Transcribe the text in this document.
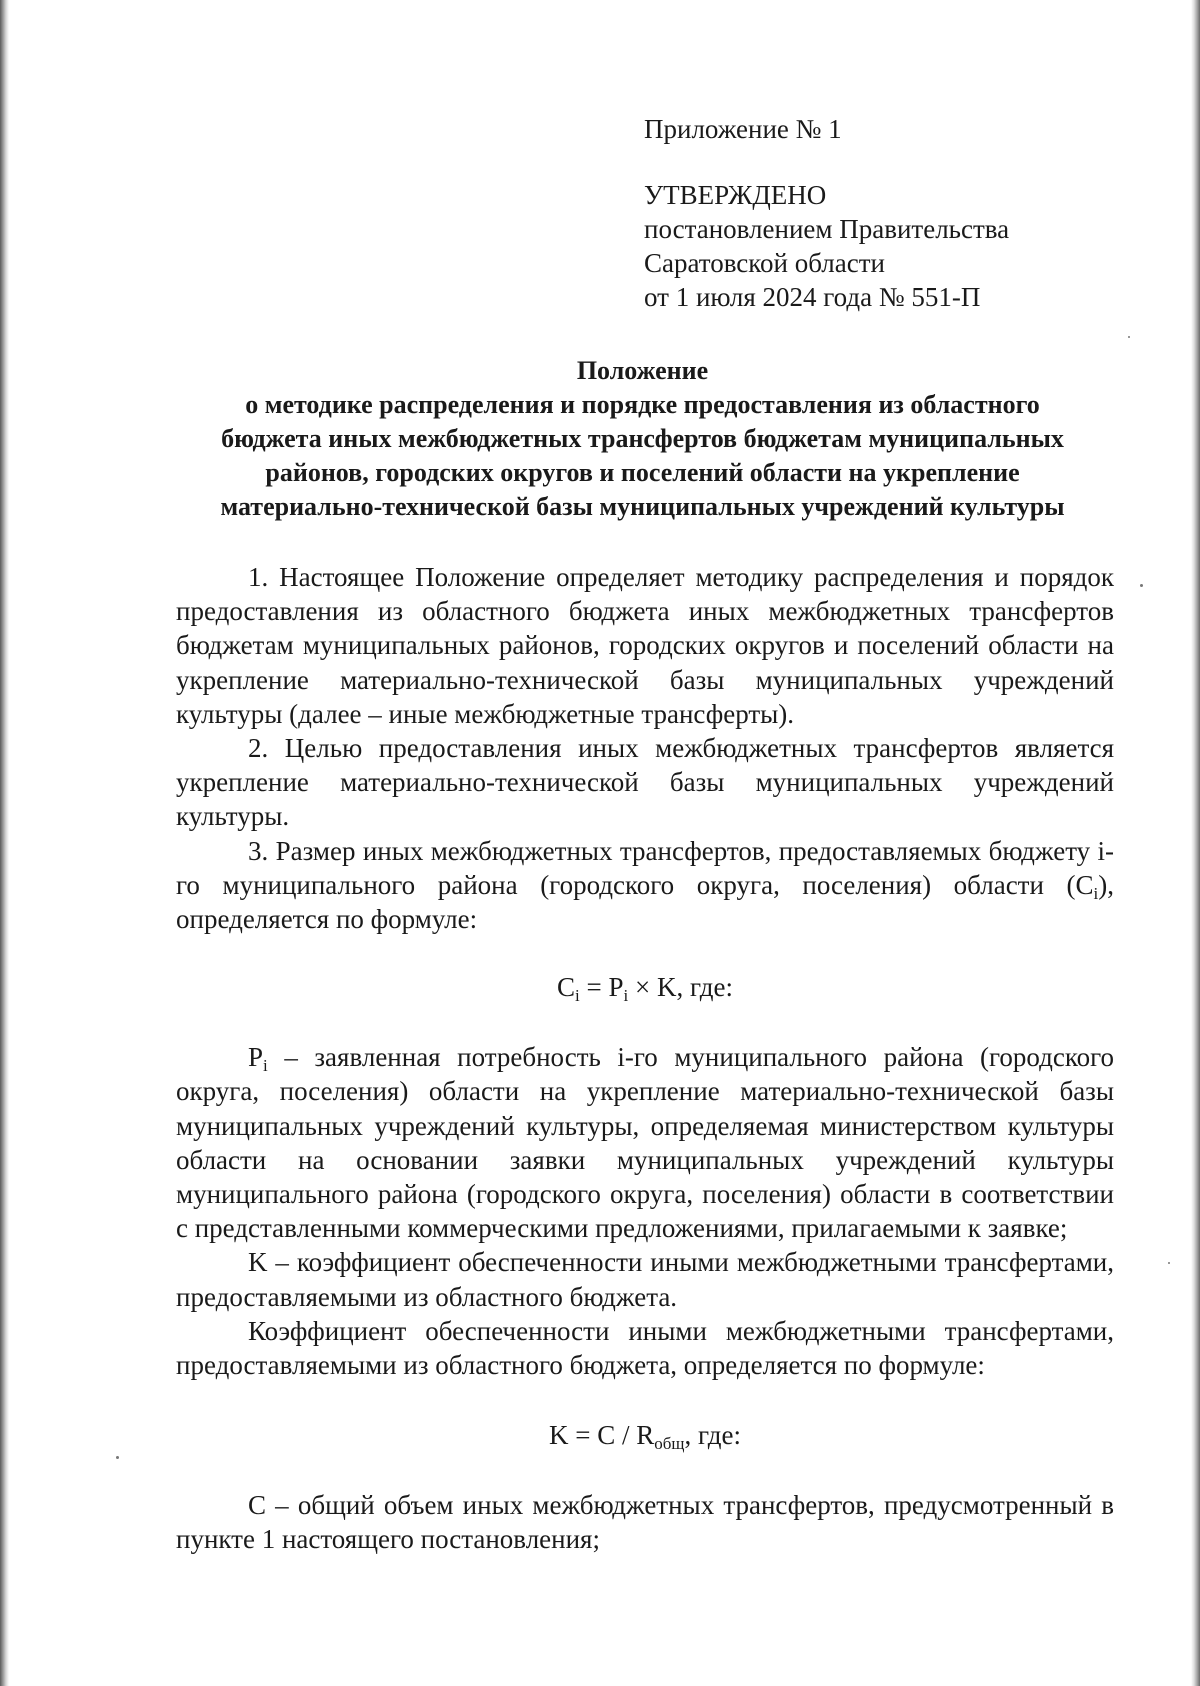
Приложение № 1
УТВЕРЖДЕНО
постановлением Правительства
Саратовской области
от 1 июля 2024 года № 551-П
Положение
о методике распределения и порядке предоставления из областного
бюджета иных межбюджетных трансфертов бюджетам муниципальных
районов, городских округов и поселений области на укрепление
материально-технической базы муниципальных учреждений культуры

1. Настоящее Положение определяет методику распределения и порядок предоставления из областного бюджета иных межбюджетных трансфертов бюджетам муниципальных районов, городских округов и поселений области на укрепление материально-технической базы муниципальных учреждений культуры (далее – иные межбюджетные трансферты).

2. Целью предоставления иных межбюджетных трансфертов является укрепление материально-технической базы муниципальных учреждений культуры.

3. Размер иных межбюджетных трансфертов, предоставляемых бюджету i-го муниципального района (городского округа, поселения) области $(C_i)$, определяется по формуле:

$C_i = P_i \times K$, где:

$P_i$ – заявленная потребность i-го муниципального района (городского округа, поселения) области на укрепление материально-технической базы муниципальных учреждений культуры, определяемая министерством культуры области на основании заявки муниципальных учреждений культуры муниципального района (городского округа, поселения) области в соответствии с представленными коммерческими предложениями, прилагаемыми к заявке;

K – коэффициент обеспеченности иными межбюджетными трансфертами, предоставляемыми из областного бюджета.

Коэффициент обеспеченности иными межбюджетными трансфертами, предоставляемыми из областного бюджета, определяется по формуле:

$K = C / R_{общ}$, где:

C – общий объем иных межбюджетных трансфертов, предусмотренный в пункте 1 настоящего постановления;
